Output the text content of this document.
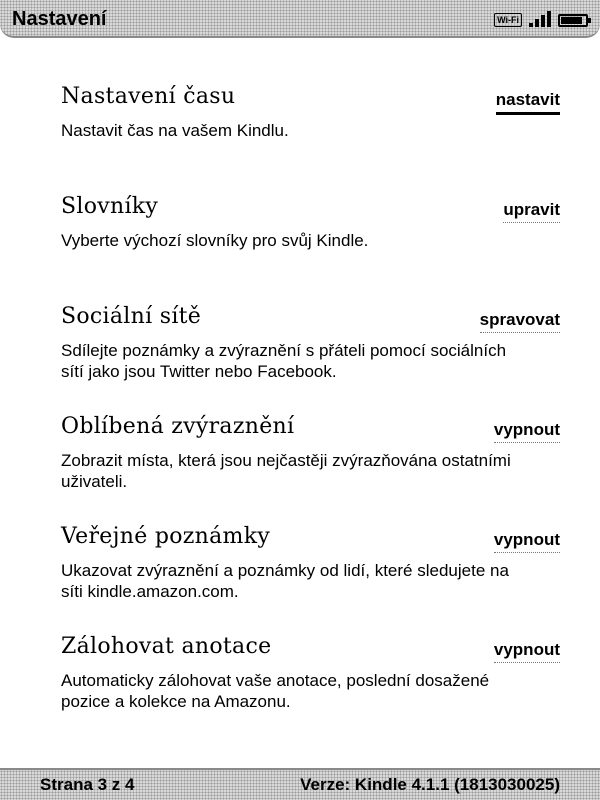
Nastavení	Wi-Fi
Nastavení času	nastavit
Nastavit čas na vašem Kindlu.
Slovníky	upravit
Vyberte výchozí slovníky pro svůj Kindle.
Sociální sítě	spravovat
Sdílejte poznámky a zvýraznění s přáteli pomocí sociálních sítí jako jsou Twitter nebo Facebook.
Oblíbená zvýraznění	vypnout
Zobrazit místa, která jsou nejčastěji zvýrazňována ostatními uživateli.
Veřejné poznámky	vypnout
Ukazovat zvýraznění a poznámky od lidí, které sledujete na síti kindle.amazon.com.
Zálohovat anotace	vypnout
Automaticky zálohovat vaše anotace, poslední dosažené pozice a kolekce na Amazonu.
Strana 3 z 4	Verze: Kindle 4.1.1 (1813030025)
